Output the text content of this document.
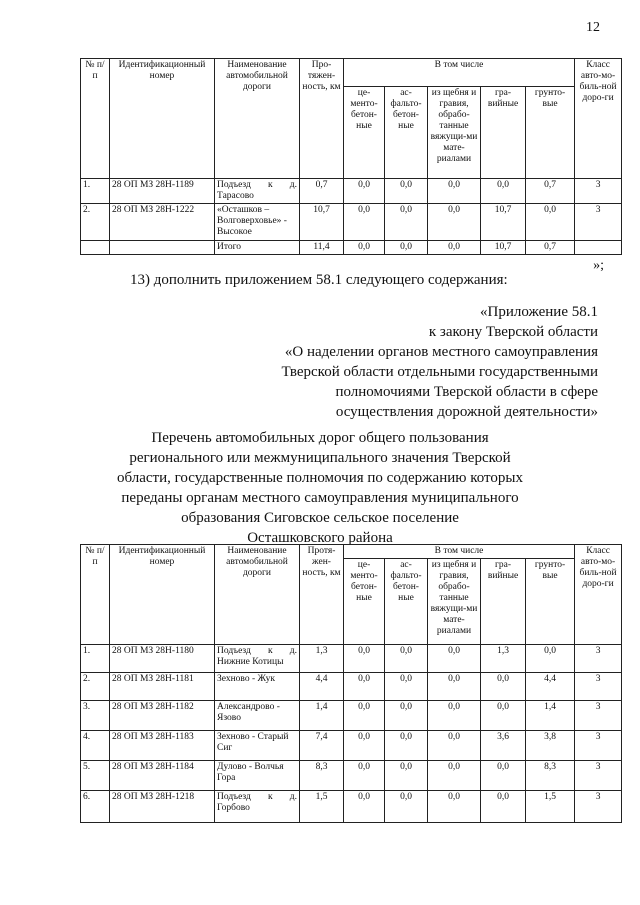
12
№ п/п	Идентификационный номер	Наименование автомобильной дороги	Про-тяжен-ность, км	В том числе					Класс авто-мо-биль-ной доро-ги
				це-менто-бетон-ные	ас-фальто-бетон-ные	из щебня и гравия, обрабо-танные вяжущи-ми мате-риалами	гра-вийные	грунто-вые	
1.	28 ОП МЗ 28Н-1189	Подъезд к д. Тарасово	0,7	0,0	0,0	0,0	0,0	0,7	3
2.	28 ОП МЗ 28Н-1222	«Осташков – Волговерховье» - Высокое	10,7	0,0	0,0	0,0	10,7	0,0	3
		Итого	11,4	0,0	0,0	0,0	10,7	0,7	
»;
13) дополнить приложением 58.1 следующего содержания:
«Приложение 58.1
к закону Тверской области
«О наделении органов местного самоуправления
Тверской области отдельными государственными
полномочиями Тверской области в сфере
осуществления дорожной деятельности»
Перечень автомобильных дорог общего пользования
регионального или межмуниципального значения Тверской
области, государственные полномочия по содержанию которых
переданы органам местного самоуправления муниципального
образования Сиговское сельское поселение
Осташковского района
№ п/п	Идентификационный номер	Наименование автомобильной дороги	Протя-жен-ность, км	В том числе					Класс авто-мо-биль-ной доро-ги
				це-менто-бетон-ные	ас-фальто-бетон-ные	из щебня и гравия, обрабо-танные вяжущи-ми мате-риалами	гра-вийные	грунто-вые	
1.	28 ОП МЗ 28Н-1180	Подъезд к д. Нижние Котицы	1,3	0,0	0,0	0,0	1,3	0,0	3
2.	28 ОП МЗ 28Н-1181	Зехново - Жук	4,4	0,0	0,0	0,0	0,0	4,4	3
3.	28 ОП МЗ 28Н-1182	Александрово - Язово	1,4	0,0	0,0	0,0	0,0	1,4	3
4.	28 ОП МЗ 28Н-1183	Зехново - Старый Сиг	7,4	0,0	0,0	0,0	3,6	3,8	3
5.	28 ОП МЗ 28Н-1184	Дулово - Волчья Гора	8,3	0,0	0,0	0,0	0,0	8,3	3
6.	28 ОП МЗ 28Н-1218	Подъезд к д. Горбово	1,5	0,0	0,0	0,0	0,0	1,5	3
